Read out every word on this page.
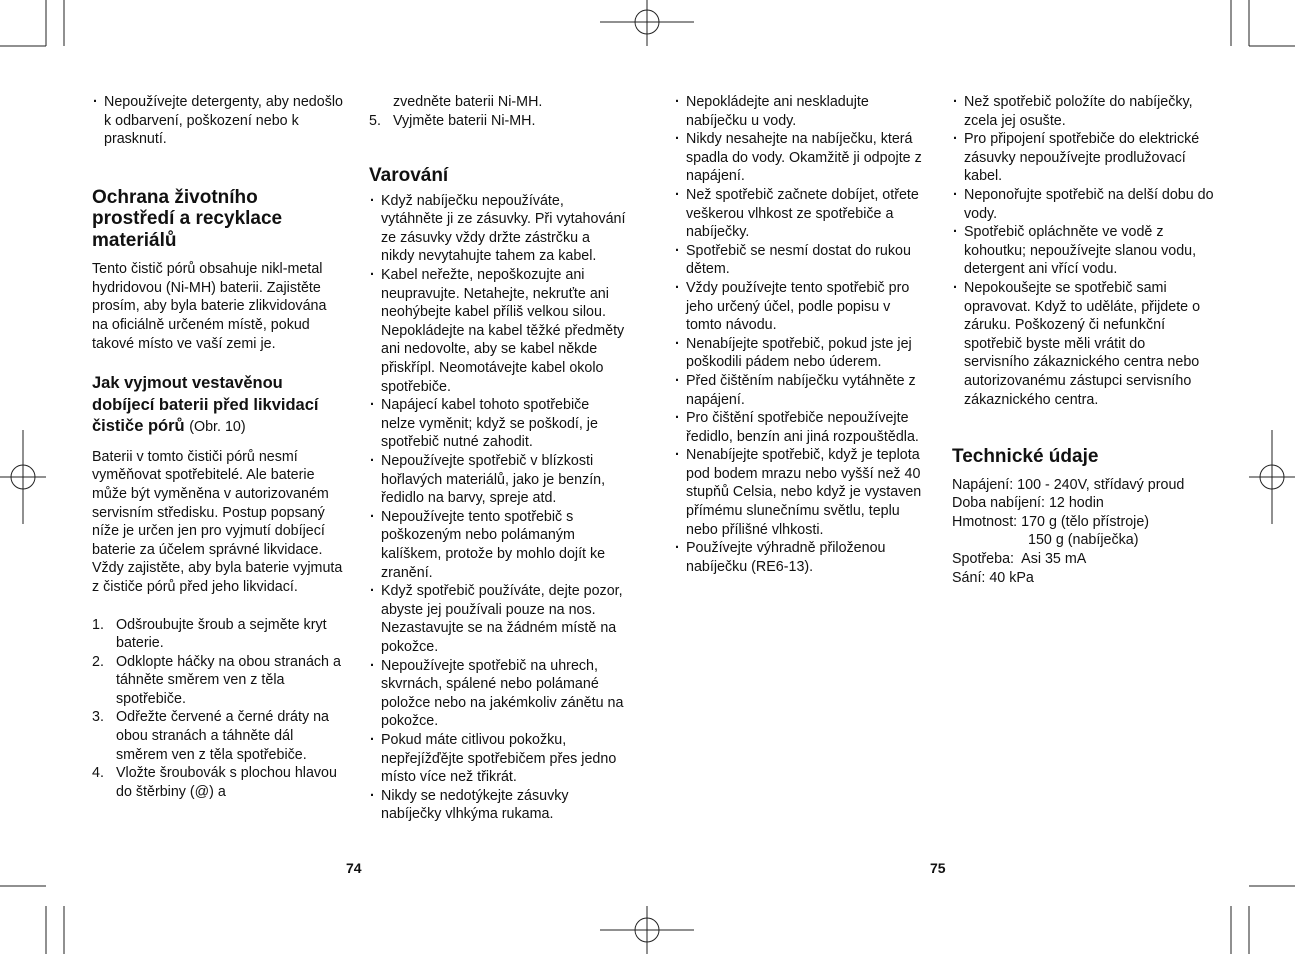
· Nepoužívejte detergenty, aby nedošlo k odbarvení, poškození nebo k prasknutí.
Ochrana životního prostředí a recyklace materiálů

Tento čistič pórů obsahuje nikl-metal hydridovou (Ni-MH) baterii. Zajistěte prosím, aby byla baterie zlikvidována na oficiálně určeném místě, pokud takové místo ve vaší zemi je.

Jak vyjmout vestavěnou dobíjecí baterii před likvidací čističe pórů (Obr. 10)

Baterii v tomto čističi pórů nesmí vyměňovat spotřebitelé. Ale baterie může být vyměněna v autorizovaném servisním středisku. Postup popsaný níže je určen jen pro vyjmutí dobíjecí baterie za účelem správné likvidace.

Vždy zajistěte, aby byla baterie vyjmuta z čističe pórů před jeho likvidací.

1. Odšroubujte šroub a sejměte kryt baterie.
2. Odklopte háčky na obou stranách a táhněte směrem ven z těla spotřebiče.
3. Odřežte červené a černé dráty na obou stranách a táhněte dál směrem ven z těla spotřebiče.
4. Vložte šroubovák s plochou hlavou do štěrbiny (@) a
zvedněte baterii Ni-MH.
5. Vyjměte baterii Ni-MH.
Varování
· Když nabíječku nepoužíváte, vytáhněte ji ze zásuvky. Při vytahování ze zásuvky vždy držte zástrčku a nikdy nevytahujte tahem za kabel.
· Kabel neřežte, nepoškozujte ani neupravujte. Netahejte, nekruťte ani neohýbejte kabel příliš velkou silou. Nepokládejte na kabel těžké předměty ani nedovolte, aby se kabel někde přiskřípl. Neomotávejte kabel okolo spotřebiče.
· Napájecí kabel tohoto spotřebiče nelze vyměnit; když se poškodí, je spotřebič nutné zahodit.
· Nepoužívejte spotřebič v blízkosti hořlavých materiálů, jako je benzín, ředidlo na barvy, spreje atd.
· Nepoužívejte tento spotřebič s poškozeným nebo polámaným kalíškem, protože by mohlo dojít ke zranění.
· Když spotřebič používáte, dejte pozor, abyste jej používali pouze na nos. Nezastavujte se na žádném místě na pokožce.
· Nepoužívejte spotřebič na uhrech, skvrnách, spálené nebo polámané položce nebo na jakémkoliv zánětu na pokožce.
· Pokud máte citlivou pokožku, nepřejížďějte spotřebičem přes jedno místo více než třikrát.
· Nikdy se nedotýkejte zásuvky nabíječky vlhkýma rukama.
74
· Nepokládejte ani neskladujte nabíječku u vody.
· Nikdy nesahejte na nabíječku, která spadla do vody. Okamžitě ji odpojte z napájení.
· Než spotřebič začnete dobíjet, otřete veškerou vlhkost ze spotřebiče a nabíječky.
· Spotřebič se nesmí dostat do rukou dětem.
· Vždy používejte tento spotřebič pro jeho určený účel, podle popisu v tomto návodu.
· Nenabíjejte spotřebič, pokud jste jej poškodili pádem nebo úderem.
· Před čištěním nabíječku vytáhněte z napájení.
· Pro čištění spotřebiče nepoužívejte ředidlo, benzín ani jiná rozpouštědla.
· Nenabíjejte spotřebič, když je teplota pod bodem mrazu nebo vyšší než 40 stupňů Celsia, nebo když je vystaven přímému slunečnímu světlu, teplu nebo přílišné vlhkosti.
· Používejte výhradně přiloženou nabíječku (RE6-13).
· Než spotřebič položíte do nabíječky, zcela jej osušte.
· Pro připojení spotřebiče do elektrické zásuvky nepoužívejte prodlužovací kabel.
· Neponořujte spotřebič na delší dobu do vody.
· Spotřebič opláchněte ve vodě z kohoutku; nepoužívejte slanou vodu, detergent ani vřící vodu.
· Nepokoušejte se spotřebič sami opravovat. Když to uděláte, přijdete o záruku. Poškozený či nefunkční spotřebič byste měli vrátit do servisního zákaznického centra nebo autorizovanému zástupci servisního zákaznického centra.
Technické údaje

Napájení: 100 - 240V, střídavý proud

Doba nabíjení: 12 hodin

Hmotnost: 170 g (tělo přístroje)

150 g (nabíječka)

Spotřeba:  Asi 35 mA

Sání: 40 kPa

75
